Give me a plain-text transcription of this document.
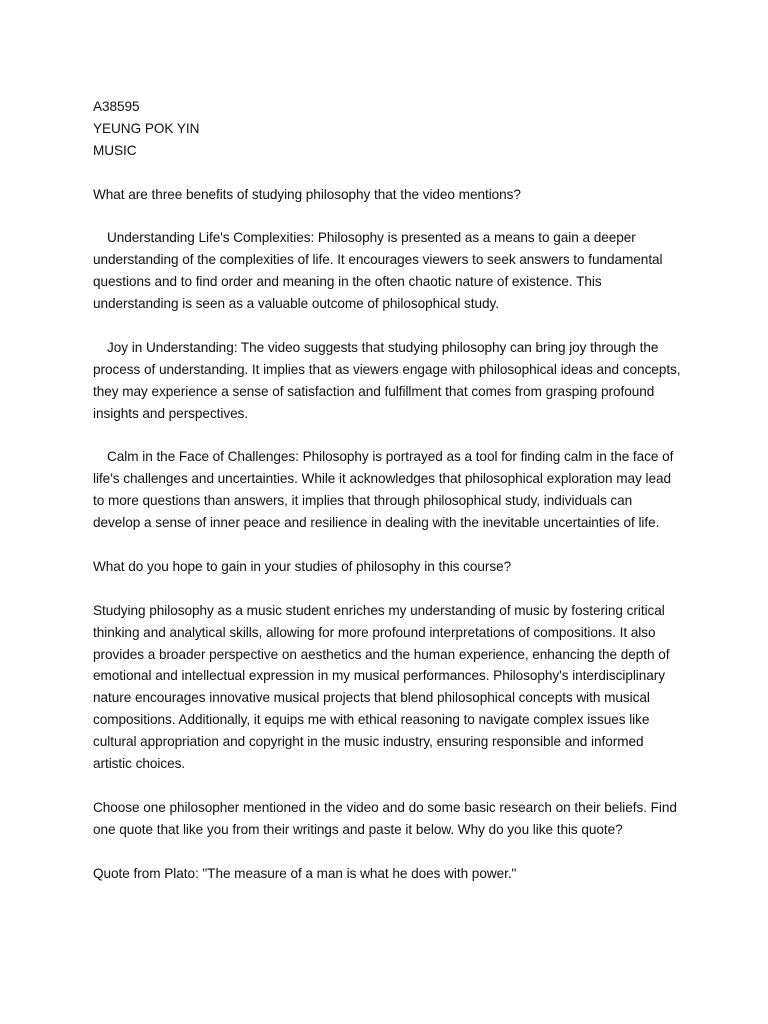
A38595
YEUNG POK YIN
MUSIC

What are three benefits of studying philosophy that the video mentions?

Understanding Life's Complexities: Philosophy is presented as a means to gain a deeper understanding of the complexities of life. It encourages viewers to seek answers to fundamental questions and to find order and meaning in the often chaotic nature of existence. This understanding is seen as a valuable outcome of philosophical study.

Joy in Understanding: The video suggests that studying philosophy can bring joy through the process of understanding. It implies that as viewers engage with philosophical ideas and concepts, they may experience a sense of satisfaction and fulfillment that comes from grasping profound insights and perspectives.

Calm in the Face of Challenges: Philosophy is portrayed as a tool for finding calm in the face of life's challenges and uncertainties. While it acknowledges that philosophical exploration may lead to more questions than answers, it implies that through philosophical study, individuals can develop a sense of inner peace and resilience in dealing with the inevitable uncertainties of life.

What do you hope to gain in your studies of philosophy in this course?

Studying philosophy as a music student enriches my understanding of music by fostering critical thinking and analytical skills, allowing for more profound interpretations of compositions. It also provides a broader perspective on aesthetics and the human experience, enhancing the depth of emotional and intellectual expression in my musical performances. Philosophy's interdisciplinary nature encourages innovative musical projects that blend philosophical concepts with musical compositions. Additionally, it equips me with ethical reasoning to navigate complex issues like cultural appropriation and copyright in the music industry, ensuring responsible and informed artistic choices.

Choose one philosopher mentioned in the video and do some basic research on their beliefs. Find one quote that like you from their writings and paste it below. Why do you like this quote?

Quote from Plato: "The measure of a man is what he does with power."
